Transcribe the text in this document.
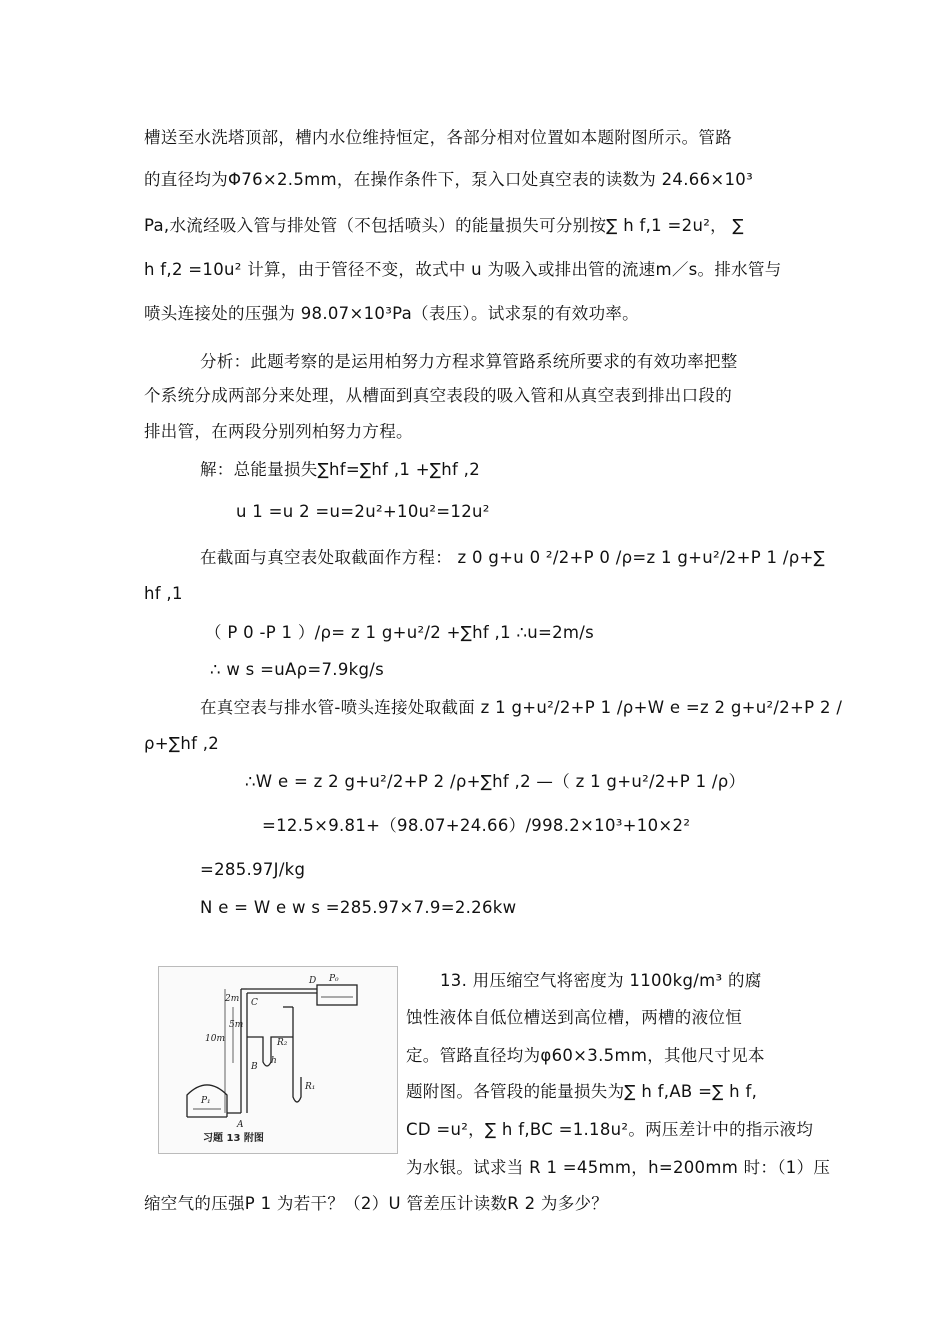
槽送至水洗塔顶部，槽内水位维持恒定，各部分相对位置如本题附图所示。管路
的直径均为Φ76×2.5mm，在操作条件下，泵入口处真空表的读数为 24.66×10³
Pa,水流经吸入管与排处管（不包括喷头）的能量损失可分别按∑ h f,1 =2u²， ∑
h f,2 =10u² 计算，由于管径不变，故式中 u 为吸入或排出管的流速m／s。排水管与
喷头连接处的压强为 98.07×10³Pa（表压）。试求泵的有效功率。
分析：此题考察的是运用柏努力方程求算管路系统所要求的有效功率把整
个系统分成两部分来处理，从槽面到真空表段的吸入管和从真空表到排出口段的
排出管，在两段分别列柏努力方程。
解：总能量损失∑hf=∑hf ,1 +∑hf ,2
u 1 =u 2 =u=2u²+10u²=12u²
在截面与真空表处取截面作方程： z 0 g+u 0 ²/2+P 0 /ρ=z 1 g+u²/2+P 1 /ρ+∑
hf ,1
（ P 0 -P 1 ）/ρ= z 1 g+u²/2 +∑hf ,1 ∴u=2m/s
∴ w s =uAρ=7.9kg/s
在真空表与排水管-喷头连接处取截面 z 1 g+u²/2+P 1 /ρ+W e =z 2 g+u²/2+P 2 /
ρ+∑hf ,2
∴W e = z 2 g+u²/2+P 2 /ρ+∑hf ,2 —（ z 1 g+u²/2+P 1 /ρ）
=12.5×9.81+（98.07+24.66）/998.2×10³+10×2²
=285.97J/kg
N e = W e w s =285.97×7.9=2.26kw
D P₀
2m C
5m
10m	R₂
B
h
R₁
P₁
A
习题 13 附图
13. 用压缩空气将密度为 1100kg/m³ 的腐
蚀性液体自低位槽送到高位槽，两槽的液位恒
定。管路直径均为φ60×3.5mm，其他尺寸见本
题附图。各管段的能量损失为∑ h f,AB =∑ h f,
CD =u²，∑ h f,BC =1.18u²。两压差计中的指示液均
为水银。试求当 R 1 =45mm，h=200mm 时：（1）压
缩空气的压强P 1 为若干？（2）U 管差压计读数R 2 为多少？
